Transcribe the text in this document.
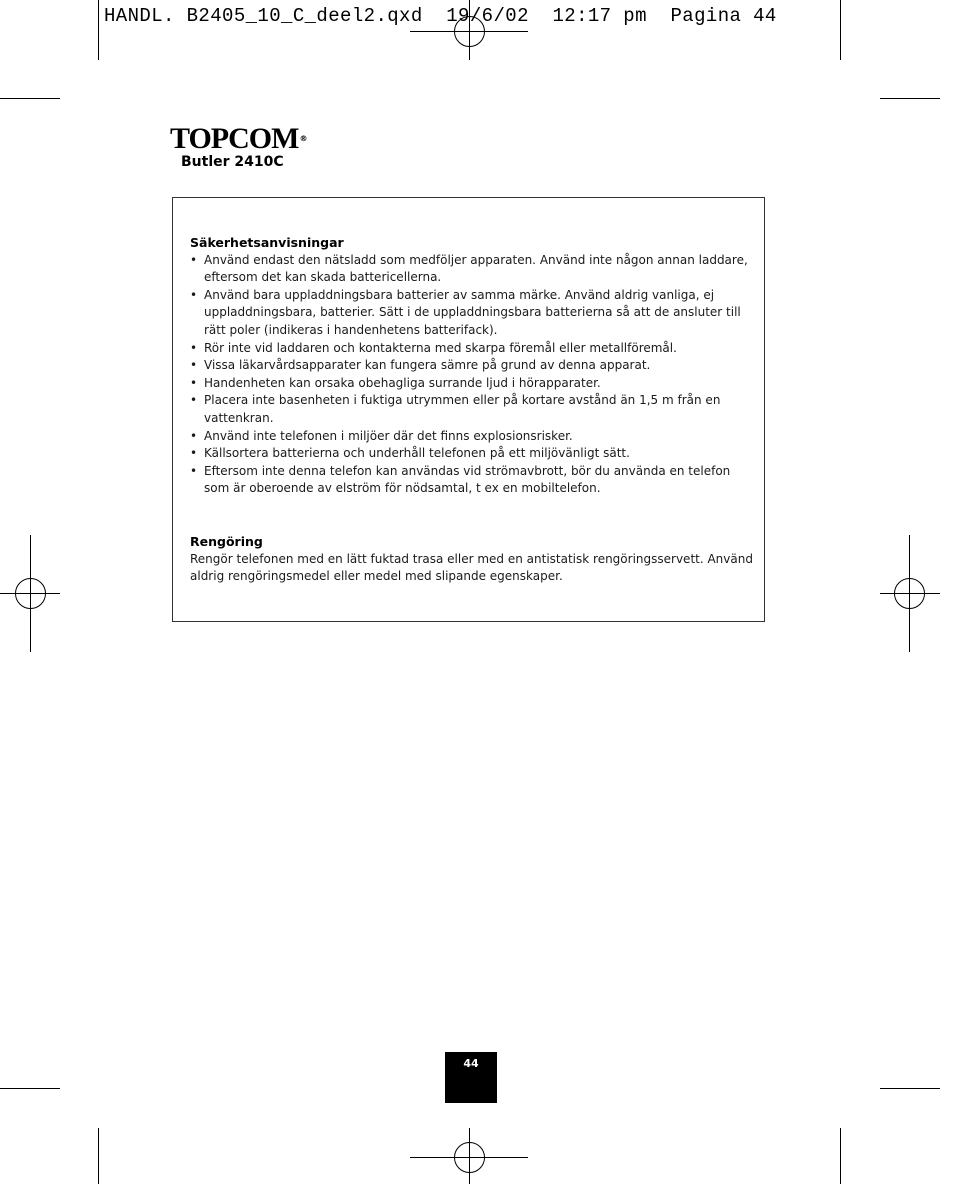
HANDL. B2405_10_C_deel2.qxd  19/6/02  12:17 pm  Pagina 44
TOPCOM®
Butler 2410C
Säkerhetsanvisningar
• Använd endast den nätsladd som medföljer apparaten. Använd inte någon annan laddare, eftersom det kan skada battericellerna.
• Använd bara uppladdningsbara batterier av samma märke. Använd aldrig vanliga, ej uppladdningsbara, batterier. Sätt i de uppladdningsbara batterierna så att de ansluter till rätt poler (indikeras i handenhetens batterifack).
• Rör inte vid laddaren och kontakterna med skarpa föremål eller metallföremål.
• Vissa läkarvårdsapparater kan fungera sämre på grund av denna apparat.
• Handenheten kan orsaka obehagliga surrande ljud i hörapparater.
• Placera inte basenheten i fuktiga utrymmen eller på kortare avstånd än 1,5 m från en vattenkran.
• Använd inte telefonen i miljöer där det finns explosionsrisker.
• Källsortera batterierna och underhåll telefonen på ett miljövänligt sätt.
• Eftersom inte denna telefon kan användas vid strömavbrott, bör du använda en telefon som är oberoende av elström för nödsamtal, t ex en mobiltelefon.
Rengöring

Rengör telefonen med en lätt fuktad trasa eller med en antistatisk rengöringsservett. Använd aldrig rengöringsmedel eller medel med slipande egenskaper.

44
